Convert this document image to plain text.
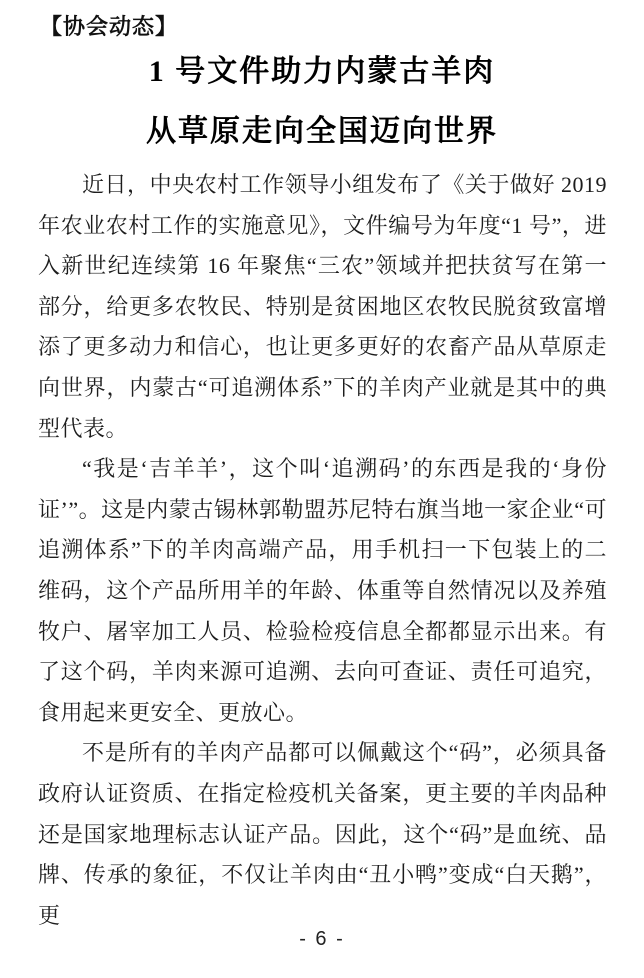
【协会动态】
1 号文件助力内蒙古羊肉
从草原走向全国迈向世界

近日，中央农村工作领导小组发布了《关于做好 2019 年农业农村工作的实施意见》，文件编号为年度“1 号”，进入新世纪连续第 16 年聚焦“三农”领域并把扶贫写在第一部分，给更多农牧民、特别是贫困地区农牧民脱贫致富增添了更多动力和信心，也让更多更好的农畜产品从草原走向世界，内蒙古“可追溯体系”下的羊肉产业就是其中的典型代表。

“我是‘吉羊羊’，这个叫‘追溯码’的东西是我的‘身份证’”。这是内蒙古锡林郭勒盟苏尼特右旗当地一家企业“可追溯体系”下的羊肉高端产品，用手机扫一下包装上的二维码，这个产品所用羊的年龄、体重等自然情况以及养殖牧户、屠宰加工人员、检验检疫信息全都都显示出来。有了这个码，羊肉来源可追溯、去向可查证、责任可追究，食用起来更安全、更放心。

不是所有的羊肉产品都可以佩戴这个“码”，必须具备政府认证资质、在指定检疫机关备案，更主要的羊肉品种还是国家地理标志认证产品。因此，这个“码”是血统、品牌、传承的象征，不仅让羊肉由“丑小鸭”变成“白天鹅”，更

- 6 -
